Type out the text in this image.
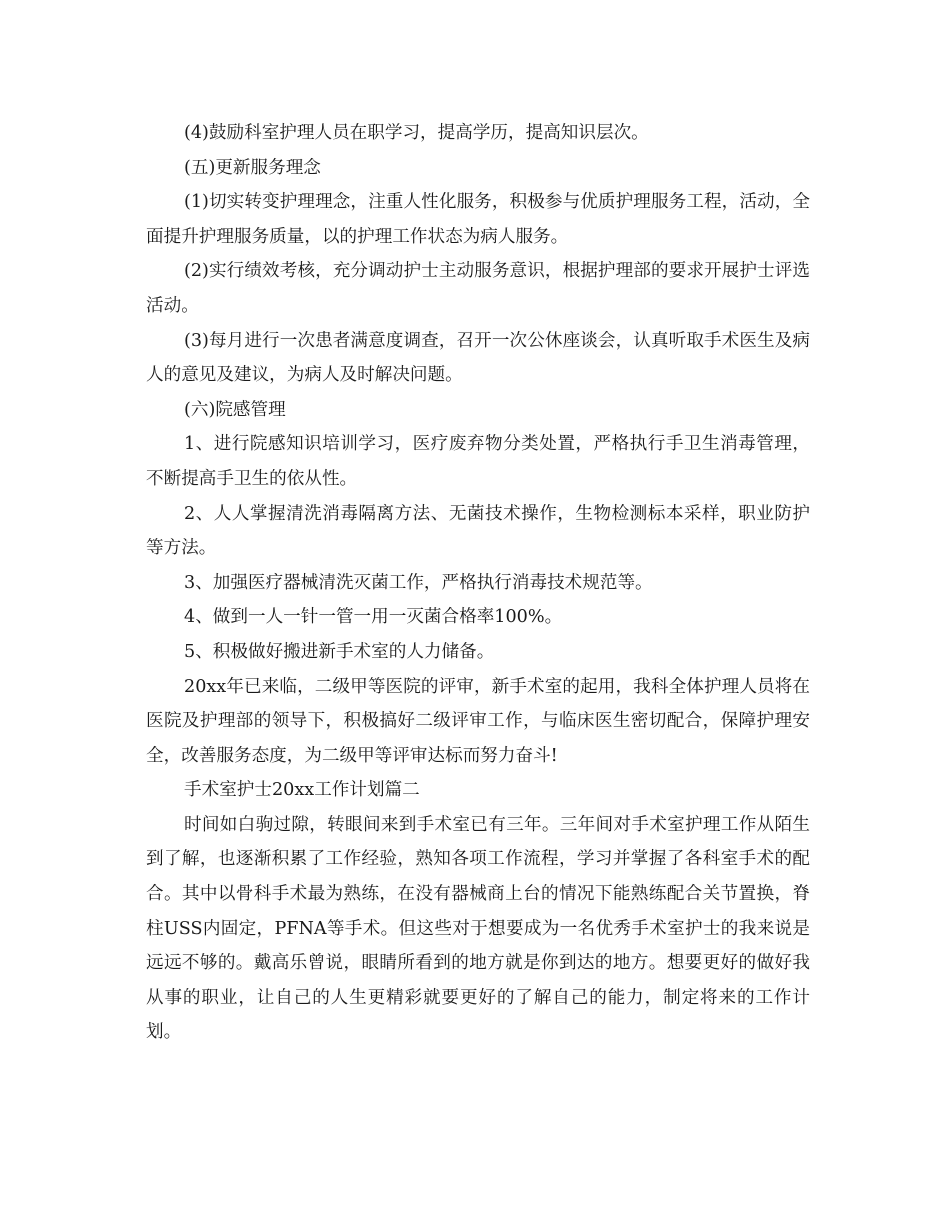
(4)鼓励科室护理人员在职学习，提高学历，提高知识层次。

(五)更新服务理念

(1)切实转变护理理念，注重人性化服务，积极参与优质护理服务工程，活动，全面提升护理服务质量，以的护理工作状态为病人服务。

(2)实行绩效考核，充分调动护士主动服务意识，根据护理部的要求开展护士评选活动。

(3)每月进行一次患者满意度调查，召开一次公休座谈会，认真听取手术医生及病人的意见及建议，为病人及时解决问题。

(六)院感管理

1、进行院感知识培训学习，医疗废弃物分类处置，严格执行手卫生消毒管理，不断提高手卫生的依从性。

2、人人掌握清洗消毒隔离方法、无菌技术操作，生物检测标本采样，职业防护等方法。

3、加强医疗器械清洗灭菌工作，严格执行消毒技术规范等。

4、做到一人一针一管一用一灭菌合格率100%。

5、积极做好搬进新手术室的人力储备。

20xx年已来临，二级甲等医院的评审，新手术室的起用，我科全体护理人员将在医院及护理部的领导下，积极搞好二级评审工作，与临床医生密切配合，保障护理安全，改善服务态度，为二级甲等评审达标而努力奋斗!

手术室护士20xx工作计划篇二

时间如白驹过隙，转眼间来到手术室已有三年。三年间对手术室护理工作从陌生到了解，也逐渐积累了工作经验，熟知各项工作流程，学习并掌握了各科室手术的配合。其中以骨科手术最为熟练，在没有器械商上台的情况下能熟练配合关节置换，脊柱USS内固定，PFNA等手术。但这些对于想要成为一名优秀手术室护士的我来说是远远不够的。戴高乐曾说，眼睛所看到的地方就是你到达的地方。想要更好的做好我从事的职业，让自己的人生更精彩就要更好的了解自己的能力，制定将来的工作计划。
